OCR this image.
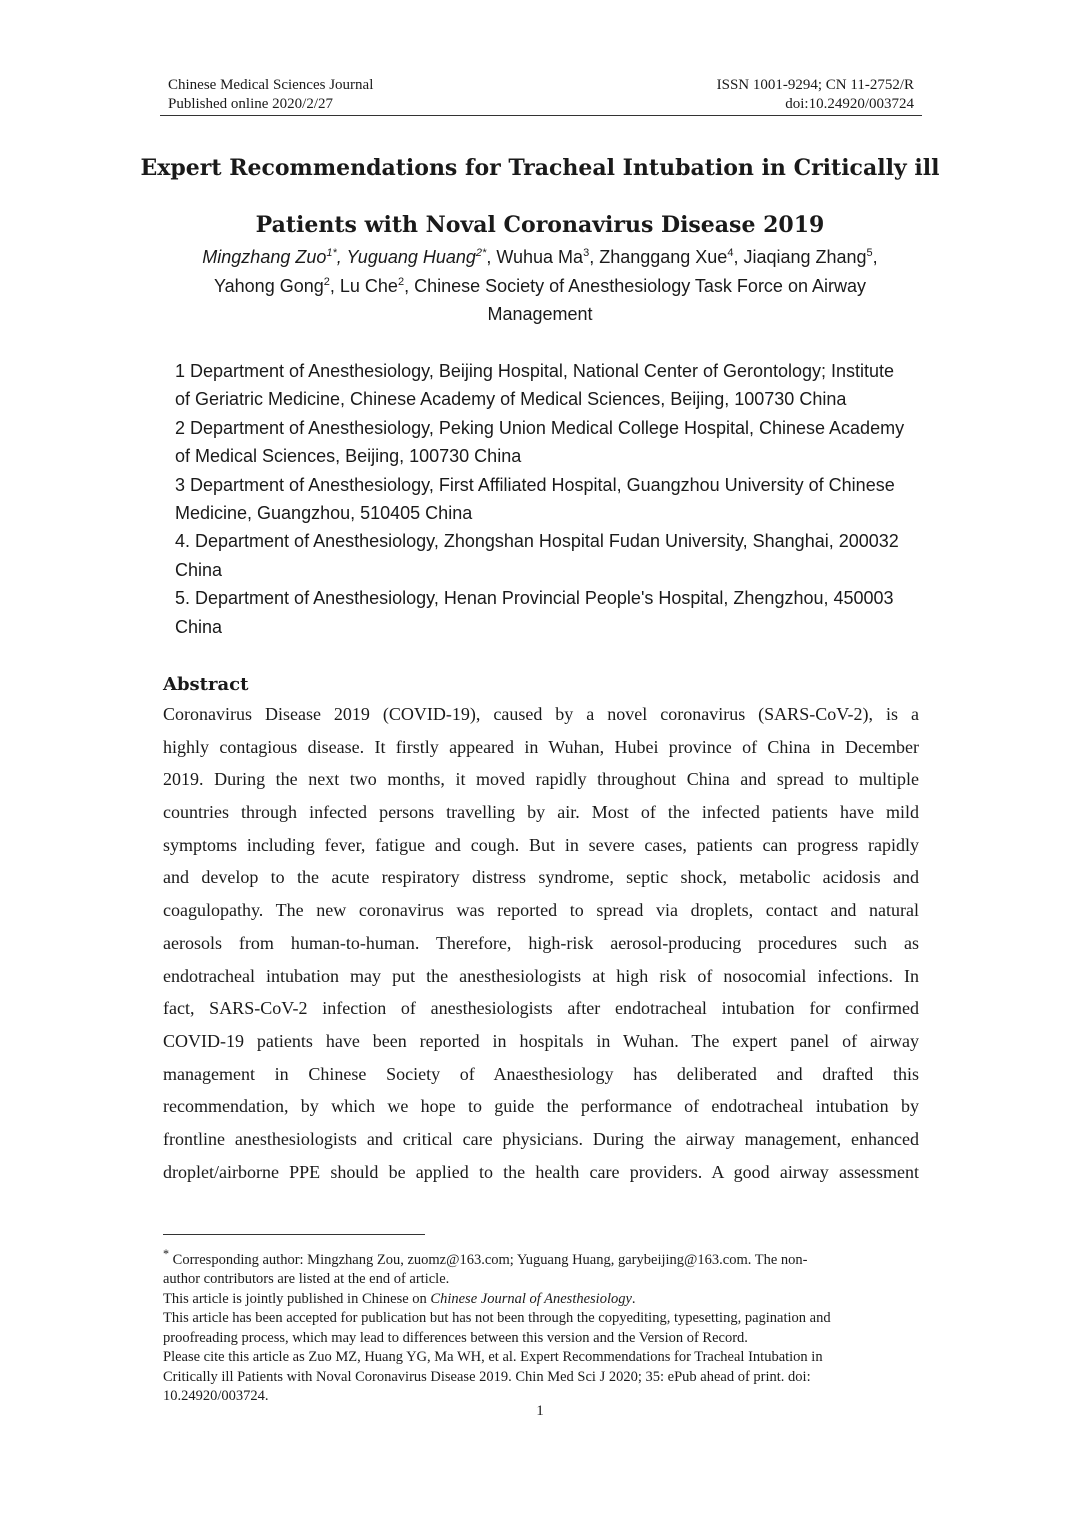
Chinese Medical Sciences Journal
Published online 2020/2/27
ISSN 1001-9294; CN 11-2752/R
doi:10.24920/003724
Expert Recommendations for Tracheal Intubation in Critically ill
Patients with Noval Coronavirus Disease 2019
Mingzhang Zuo$^{1*}$, Yuguang Huang$^{2*}$, Wuhua Ma$^3$, Zhanggang Xue$^4$, Jiaqiang Zhang$^5$,
Yahong Gong$^2$, Lu Che$^2$, Chinese Society of Anesthesiology Task Force on Airway
Management
1 Department of Anesthesiology, Beijing Hospital, National Center of Gerontology; Institute
of Geriatric Medicine, Chinese Academy of Medical Sciences, Beijing, 100730 China
2 Department of Anesthesiology, Peking Union Medical College Hospital, Chinese Academy
of Medical Sciences, Beijing, 100730 China
3 Department of Anesthesiology, First Affiliated Hospital, Guangzhou University of Chinese
Medicine, Guangzhou, 510405 China
4. Department of Anesthesiology, Zhongshan Hospital Fudan University, Shanghai, 200032
China
5. Department of Anesthesiology, Henan Provincial People's Hospital, Zhengzhou, 450003
China
Abstract
Coronavirus Disease 2019 (COVID-19), caused by a novel coronavirus (SARS-CoV-2), is a
highly contagious disease. It firstly appeared in Wuhan, Hubei province of China in December
2019. During the next two months, it moved rapidly throughout China and spread to multiple
countries through infected persons travelling by air. Most of the infected patients have mild
symptoms including fever, fatigue and cough. But in severe cases, patients can progress rapidly
and develop to the acute respiratory distress syndrome, septic shock, metabolic acidosis and
coagulopathy. The new coronavirus was reported to spread via droplets, contact and natural
aerosols from human-to-human. Therefore, high-risk aerosol-producing procedures such as
endotracheal intubation may put the anesthesiologists at high risk of nosocomial infections. In
fact, SARS-CoV-2 infection of anesthesiologists after endotracheal intubation for confirmed
COVID-19 patients have been reported in hospitals in Wuhan. The expert panel of airway
management in Chinese Society of Anaesthesiology has deliberated and drafted this
recommendation, by which we hope to guide the performance of endotracheal intubation by
frontline anesthesiologists and critical care physicians. During the airway management, enhanced
droplet/airborne PPE should be applied to the health care providers. A good airway assessment
* Corresponding author: Mingzhang Zou, zuomz@163.com; Yuguang Huang, garybeijing@163.com. The non-
author contributors are listed at the end of article.
This article is jointly published in Chinese on Chinese Journal of Anesthesiology.
This article has been accepted for publication but has not been through the copyediting, typesetting, pagination and
proofreading process, which may lead to differences between this version and the Version of Record.
Please cite this article as Zuo MZ, Huang YG, Ma WH, et al. Expert Recommendations for Tracheal Intubation in
Critically ill Patients with Noval Coronavirus Disease 2019. Chin Med Sci J 2020; 35: ePub ahead of print. doi:
10.24920/003724.
1
